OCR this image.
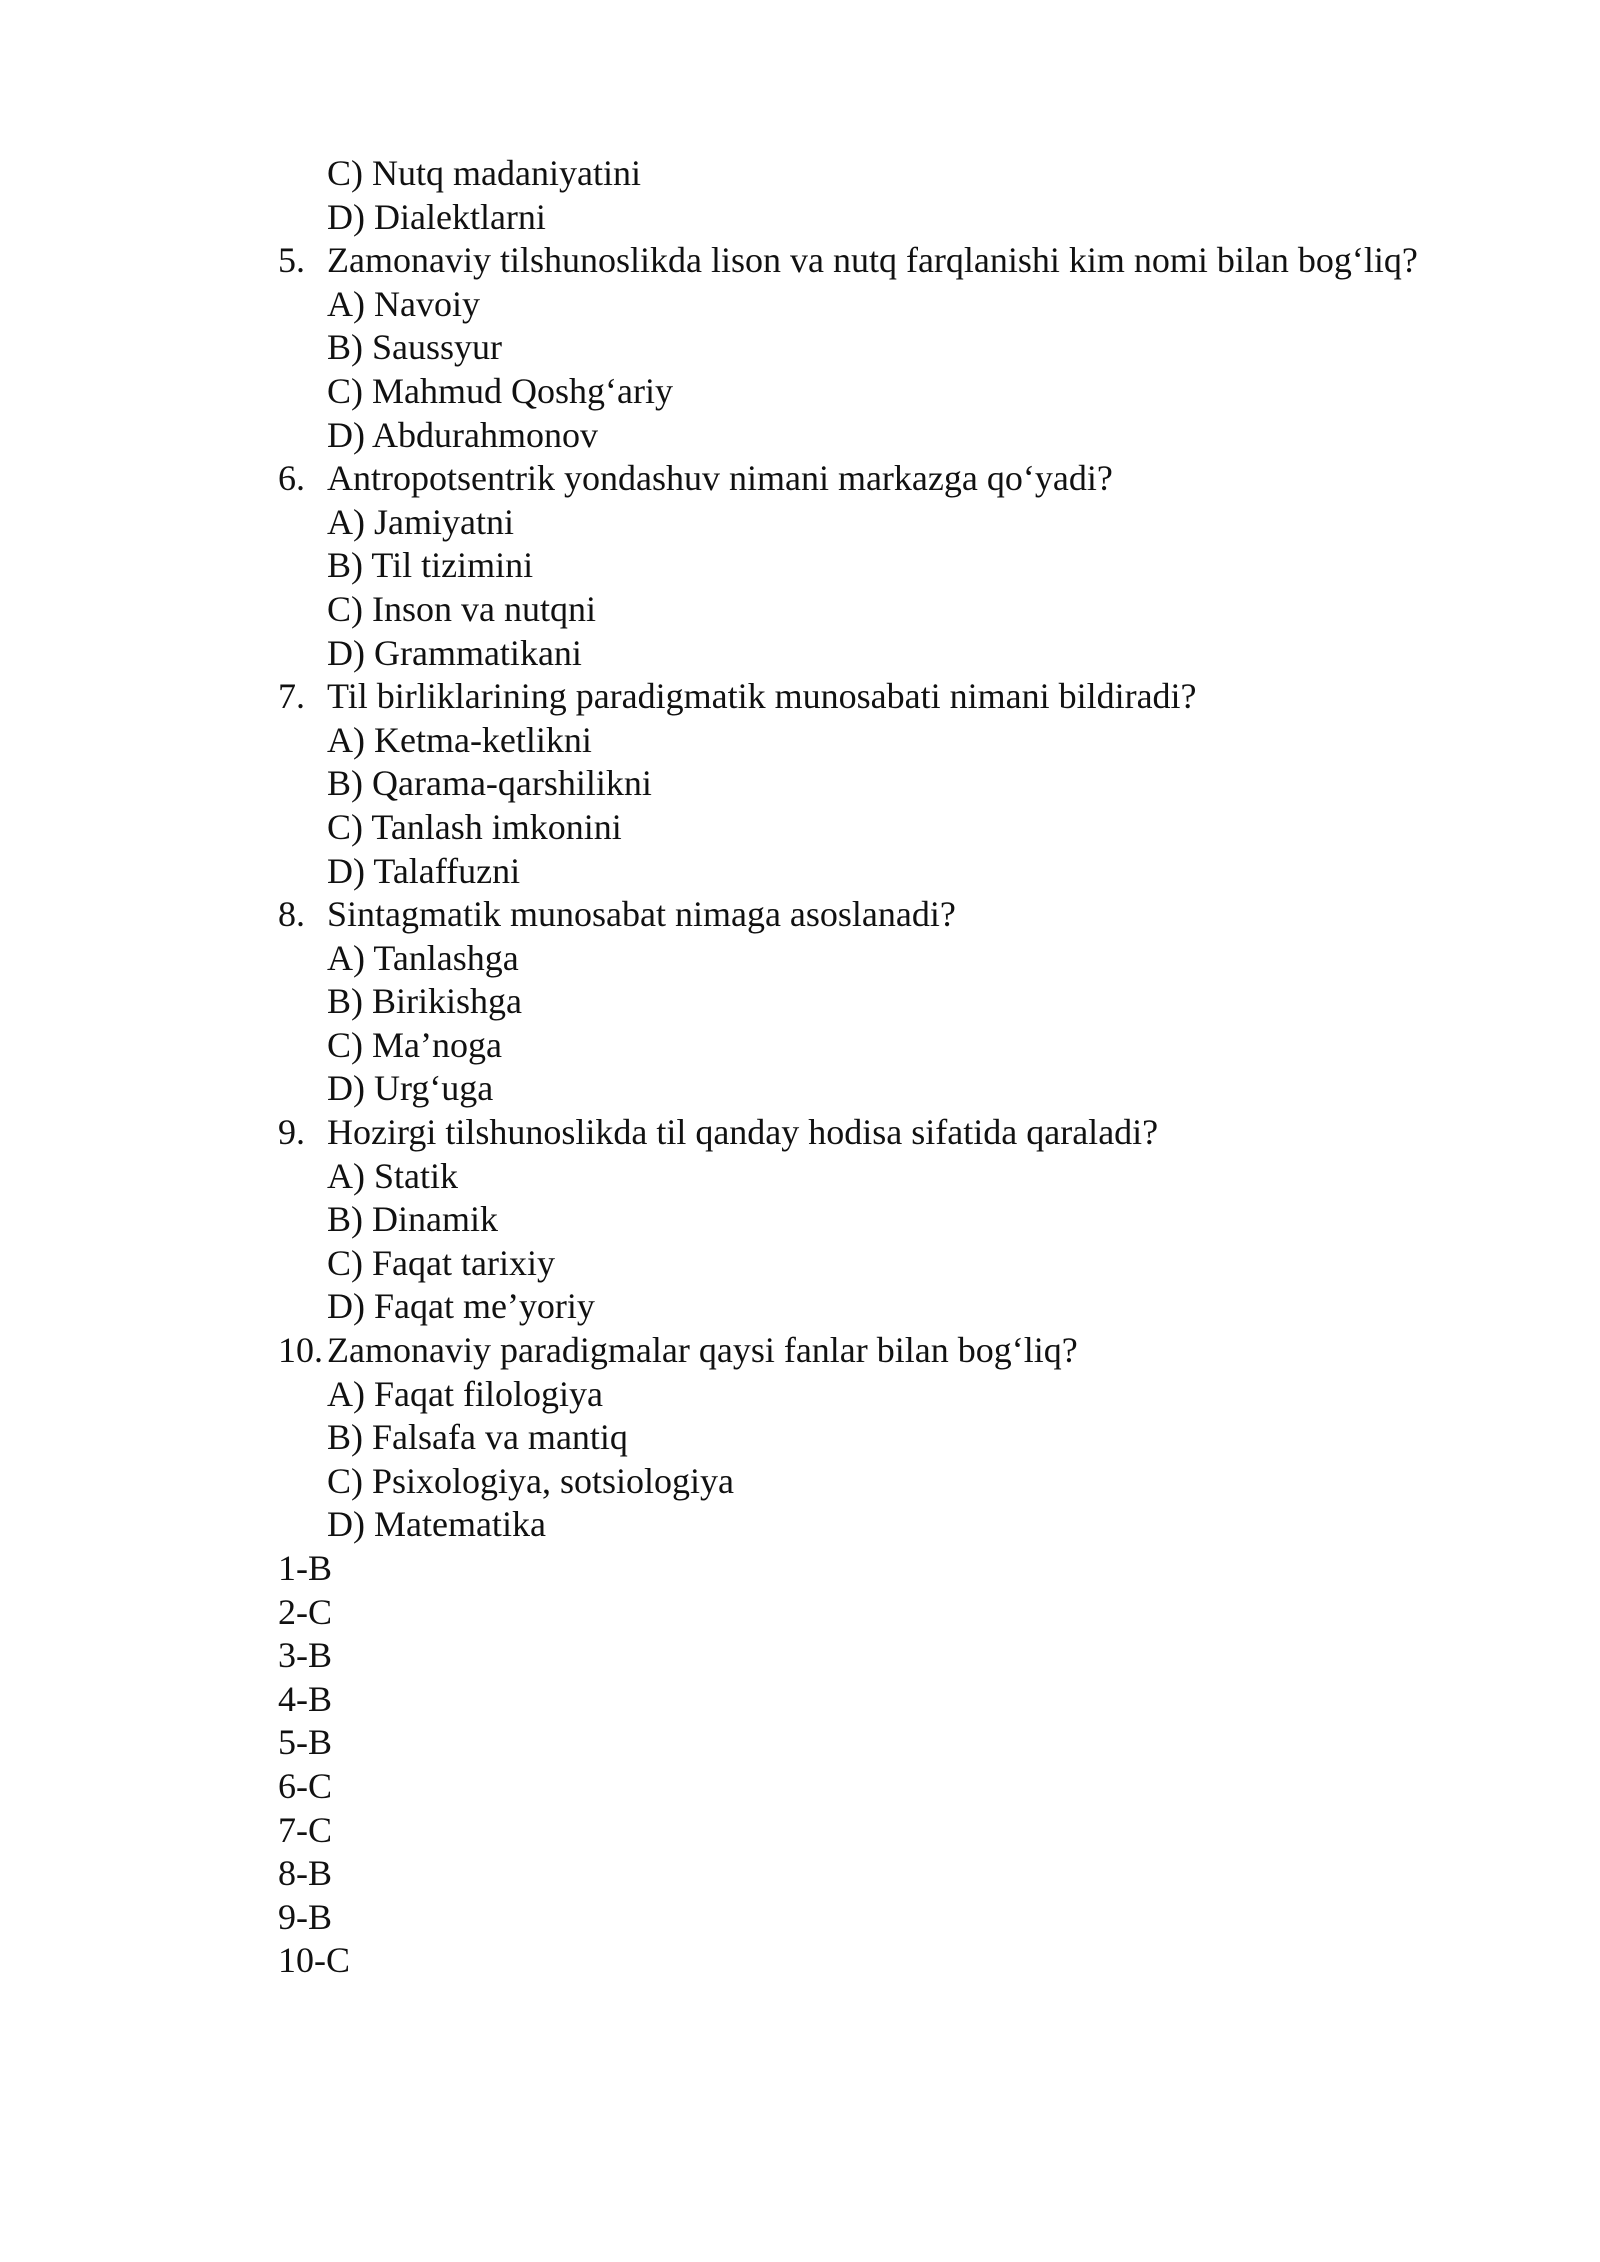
C) Nutq madaniyatini
D) Dialektlarni
5. Zamonaviy tilshunoslikda lison va nutq farqlanishi kim nomi bilan bog‘liq?
A) Navoiy
B) Saussyur
C) Mahmud Qoshg‘ariy
D) Abdurahmonov
6. Antropotsentrik yondashuv nimani markazga qo‘yadi?
A) Jamiyatni
B) Til tizimini
C) Inson va nutqni
D) Grammatikani
7. Til birliklarining paradigmatik munosabati nimani bildiradi?
A) Ketma-ketlikni
B) Qarama-qarshilikni
C) Tanlash imkonini
D) Talaffuzni
8. Sintagmatik munosabat nimaga asoslanadi?
A) Tanlashga
B) Birikishga
C) Ma’noga
D) Urg‘uga
9. Hozirgi tilshunoslikda til qanday hodisa sifatida qaraladi?
A) Statik
B) Dinamik
C) Faqat tarixiy
D) Faqat me’yoriy
10. Zamonaviy paradigmalar qaysi fanlar bilan bog‘liq?
A) Faqat filologiya
B) Falsafa va mantiq
C) Psixologiya, sotsiologiya
D) Matematika
1-B
2-C
3-B
4-B
5-B
6-C
7-C
8-B
9-B
10-C
